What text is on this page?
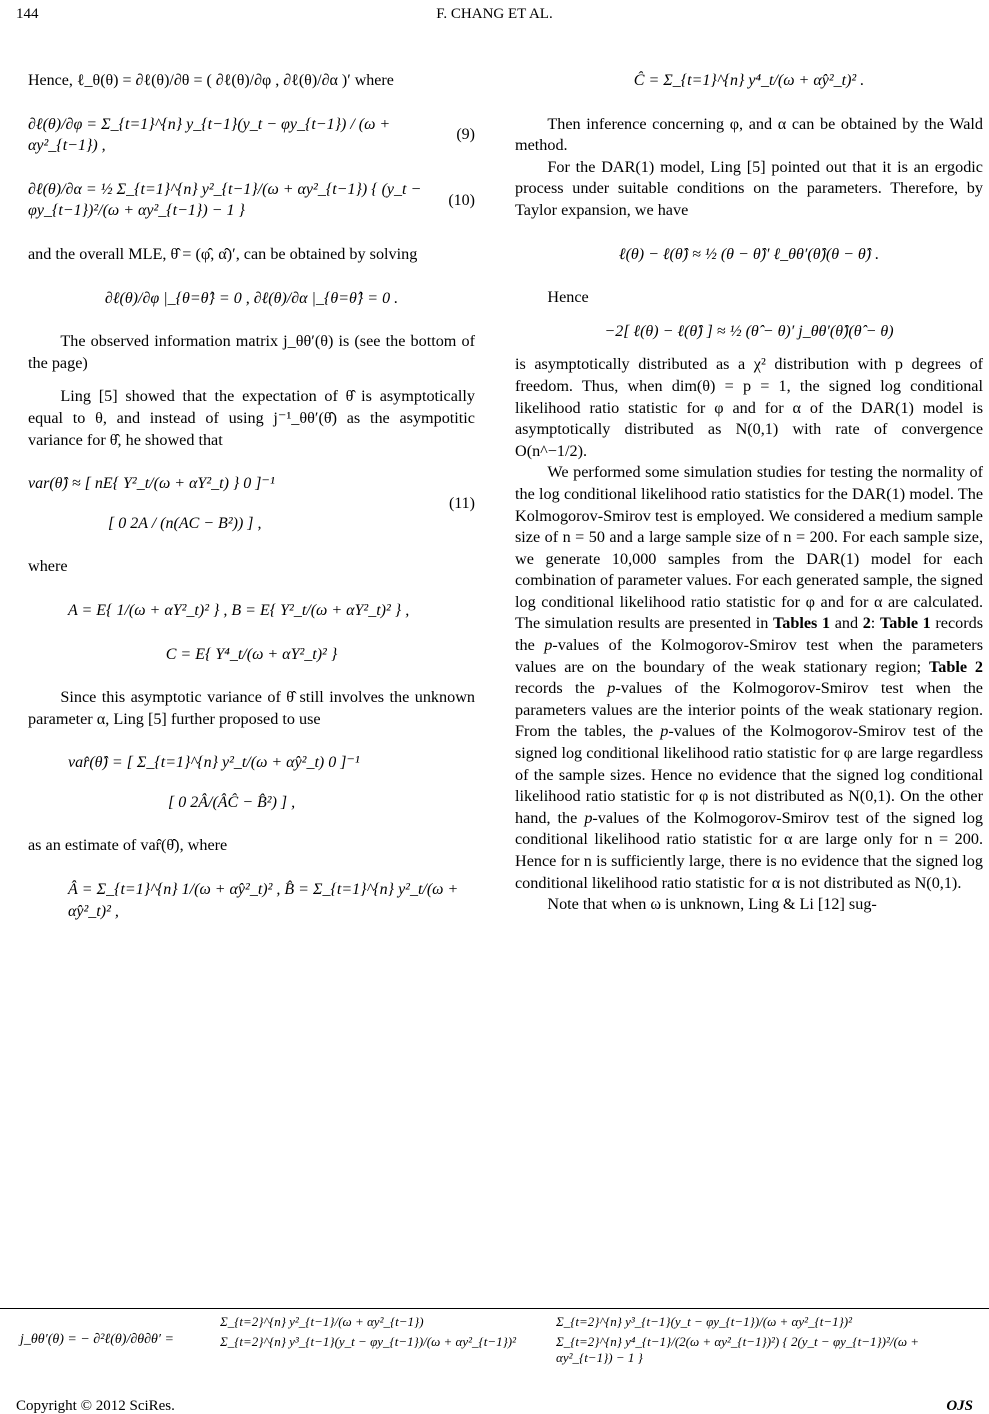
144	F. CHANG ET AL.
Hence, ℓ_θ(θ) = ∂ℓ(θ)/∂θ = ( ∂ℓ(θ)/∂φ , ∂ℓ(θ)/∂α )′ where
∂ℓ(θ)/∂φ = Σ_{t=1}^{n} y_{t−1}(y_t − φy_{t−1}) / (ω + αy²_{t−1}) ,
(9)
∂ℓ(θ)/∂α = ½ Σ_{t=1}^{n} y²_{t−1}/(ω + αy²_{t−1}) { (y_t − φy_{t−1})²/(ω + αy²_{t−1}) − 1 }
(10)
and the overall MLE, θ̂ = (φ̂, α̂)′, can be obtained by solving
∂ℓ(θ)/∂φ |_{θ=θ̂} = 0 , ∂ℓ(θ)/∂α |_{θ=θ̂} = 0 .

The observed information matrix j_θθ′(θ) is (see the bottom of the page)

Ling [5] showed that the expectation of θ̂ is asymptotically equal to θ, and instead of using j⁻¹_θθ′(θ̂) as the asympotitic variance for θ̂, he showed that

var(θ̂) ≈ [ nE{ Y²_t/(ω + αY²_t) } 0 ]⁻¹
[ 0 2A / (n(AC − B²)) ] ,
(11)
where
A = E{ 1/(ω + αY²_t)² } , B = E{ Y²_t/(ω + αY²_t)² } ,
C = E{ Y⁴_t/(ω + αY²_t)² }

Since this asymptotic variance of θ̂ still involves the unknown parameter α, Ling [5] further proposed to use

var̂(θ̂) = [ Σ_{t=1}^{n} y²_t/(ω + α̂y²_t) 0 ]⁻¹
[ 0 2Â/(ÂĈ − B̂²) ] ,
as an estimate of var̂(θ̂), where
Â = Σ_{t=1}^{n} 1/(ω + α̂y²_t)² , B̂ = Σ_{t=1}^{n} y²_t/(ω + α̂y²_t)² ,
Ĉ = Σ_{t=1}^{n} y⁴_t/(ω + α̂y²_t)² .

Then inference concerning φ, and α can be obtained by the Wald method.

For the DAR(1) model, Ling [5] pointed out that it is an ergodic process under suitable conditions on the parameters. Therefore, by Taylor expansion, we have

ℓ(θ) − ℓ(θ̂) ≈ ½ (θ − θ̂)′ ℓ_θθ′(θ̂)(θ − θ̂) .

Hence

−2[ ℓ(θ) − ℓ(θ̂) ] ≈ ½ (θ̂ − θ)′ j_θθ′(θ̂)(θ̂ − θ)

is asymptotically distributed as a χ² distribution with p degrees of freedom. Thus, when dim(θ) = p = 1, the signed log conditional likelihood ratio statistic for φ and for α of the DAR(1) model is asymptotically distributed as N(0,1) with rate of convergence O(n^−1/2).

We performed some simulation studies for testing the normality of the log conditional likelihood ratio statistics for the DAR(1) model. The Kolmogorov-Smirov test is employed. We considered a medium sample size of n = 50 and a large sample size of n = 200. For each sample size, we generate 10,000 samples from the DAR(1) model for each combination of parameter values. For each generated sample, the signed log conditional likelihood ratio statistic for φ and for α are calculated. The simulation results are presented in Tables 1 and 2: Table 1 records the p-values of the Kolmogorov-Smirov test when the parameters values are on the boundary of the weak stationary region; Table 2 records the p-values of the Kolmogorov-Smirov test when the parameters values are the interior points of the weak stationary region. From the tables, the p-values of the Kolmogorov-Smirov test of the signed log conditional likelihood ratio statistic for φ are large regardless of the sample sizes. Hence no evidence that the signed log conditional likelihood ratio statistic for φ is not distributed as N(0,1). On the other hand, the p-values of the Kolmogorov-Smirov test of the signed log conditional likelihood ratio statistic for α are large only for n = 200. Hence for n is sufficiently large, there is no evidence that the signed log conditional likelihood ratio statistic for α is not distributed as N(0,1).

Note that when ω is unknown, Ling & Li [12] sug-

j_θθ′(θ) = − ∂²ℓ(θ)/∂θ∂θ′ =
Σ_{t=2}^{n} y²_{t−1}/(ω + αy²_{t−1})	Σ_{t=2}^{n} y³_{t−1}(y_t − φy_{t−1})/(ω + αy²_{t−1})²
Σ_{t=2}^{n} y³_{t−1}(y_t − φy_{t−1})/(ω + αy²_{t−1})²	Σ_{t=2}^{n} y⁴_{t−1}/(2(ω + αy²_{t−1})²) { 2(y_t − φy_{t−1})²/(ω + αy²_{t−1}) − 1 }
Copyright © 2012 SciRes.	OJS
